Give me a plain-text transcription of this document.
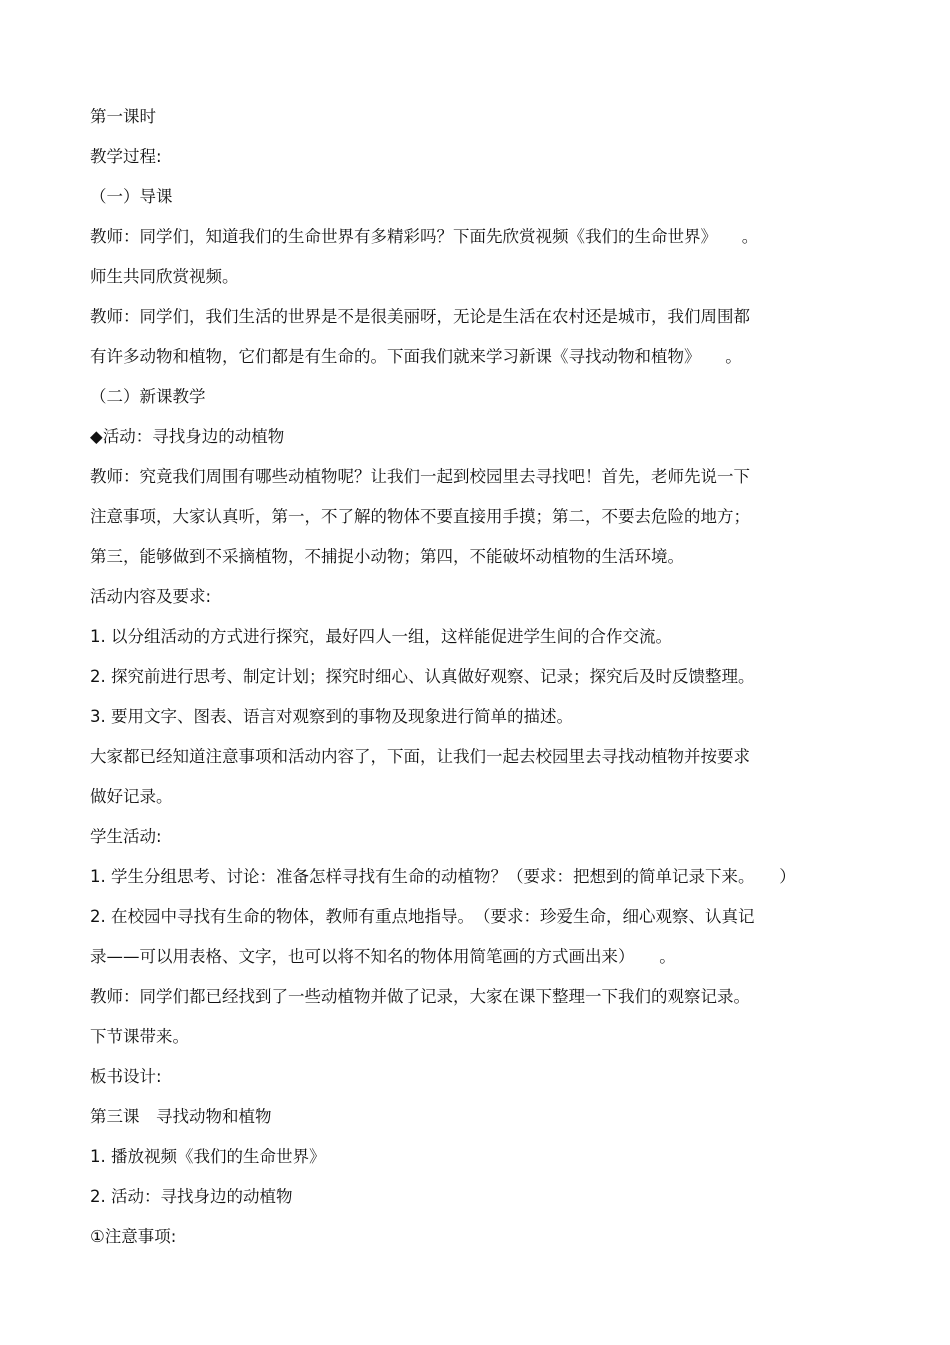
第一课时
教学过程:
（一）导课
教师：同学们，知道我们的生命世界有多精彩吗？下面先欣赏视频《我们的生命世界》　　。
师生共同欣赏视频。
教师：同学们，我们生活的世界是不是很美丽呀，无论是生活在农村还是城市，我们周围都
有许多动物和植物，它们都是有生命的。下面我们就来学习新课《寻找动物和植物》　　。
（二）新课教学
◆活动：寻找身边的动植物
教师：究竟我们周围有哪些动植物呢？让我们一起到校园里去寻找吧！首先，老师先说一下
注意事项，大家认真听，第一，不了解的物体不要直接用手摸；第二，不要去危险的地方；
第三，能够做到不采摘植物，不捕捉小动物；第四，不能破坏动植物的生活环境。
活动内容及要求:
1. 以分组活动的方式进行探究，最好四人一组，这样能促进学生间的合作交流。
2. 探究前进行思考、制定计划；探究时细心、认真做好观察、记录；探究后及时反馈整理。
3. 要用文字、图表、语言对观察到的事物及现象进行简单的描述。
大家都已经知道注意事项和活动内容了，下面，让我们一起去校园里去寻找动植物并按要求
做好记录。
学生活动:
1. 学生分组思考、讨论：准备怎样寻找有生命的动植物？（要求：把想到的简单记录下来。　　）
2. 在校园中寻找有生命的物体，教师有重点地指导。　（要求：珍爱生命，细心观察、认真记
录——可以用表格、文字，也可以将不知名的物体用简笔画的方式画出来）　　。
教师：同学们都已经找到了一些动植物并做了记录，大家在课下整理一下我们的观察记录。
下节课带来。
板书设计:
第三课　寻找动物和植物
1. 播放视频《我们的生命世界》
2. 活动：寻找身边的动植物
①注意事项:
